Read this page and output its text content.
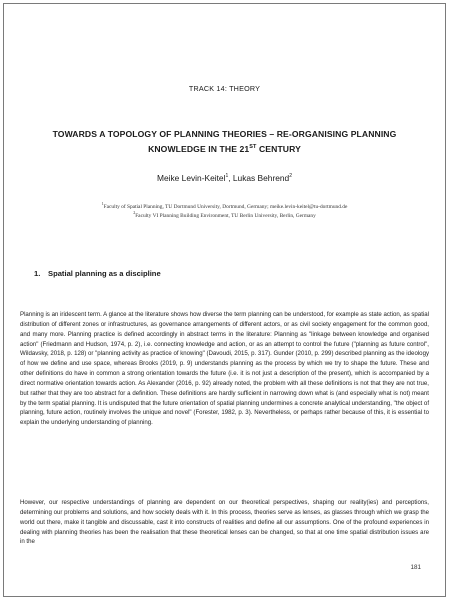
TRACK 14: THEORY
TOWARDS A TOPOLOGY OF PLANNING THEORIES – RE-ORGANISING PLANNING KNOWLEDGE IN THE 21ST CENTURY
Meike Levin-Keitel$^1$, Lukas Behrend$^2$
$^1$Faculty of Spatial Planning, TU Dortmund University, Dortmund, Germany; meike.levin-keitel@tu-dortmund.de
$^2$Faculty VI Planning Building Environment, TU Berlin University, Berlin, Germany
1. Spatial planning as a discipline
Planning is an iridescent term. A glance at the literature shows how diverse the term planning can be understood, for example as state action, as spatial distribution of different zones or infrastructures, as governance arrangements of different actors, or as civil society engagement for the common good, and many more. Planning practice is defined accordingly in abstract terms in the literature: Planning as "linkage between knowledge and organised action" (Friedmann and Hudson, 1974, p. 2), i.e. connecting knowledge and action, or as an attempt to control the future ("planning as future control", Wildavsky, 2018, p. 128) or "planning activity as practice of knowing" (Davoudi, 2015, p. 317). Gunder (2010, p. 299) described planning as the ideology of how we define and use space, whereas Brooks (2019, p. 9) understands planning as the process by which we try to shape the future. These and other definitions do have in common a strong orientation towards the future (i.e. it is not just a description of the present), which is accompanied by a direct normative orientation towards action. As Alexander (2016, p. 92) already noted, the problem with all these definitions is not that they are not true, but rather that they are too abstract for a definition. These definitions are hardly sufficient in narrowing down what is (and especially what is not) meant by the term spatial planning. It is undisputed that the future orientation of spatial planning undermines a concrete analytical understanding, "the object of planning, future action, routinely involves the unique and novel" (Forester, 1982, p. 3). Nevertheless, or perhaps rather because of this, it is essential to explain the underlying understanding of planning.
However, our respective understandings of planning are dependent on our theoretical perspectives, shaping our reality(ies) and perceptions, determining our problems and solutions, and how society deals with it. In this process, theories serve as lenses, as glasses through which we grasp the world out there, make it tangible and discussable, cast it into constructs of realities and define all our assumptions. One of the profound experiences in dealing with planning theories has been the realisation that these theoretical lenses can be changed, so that at one time spatial distribution issues are in the
181
